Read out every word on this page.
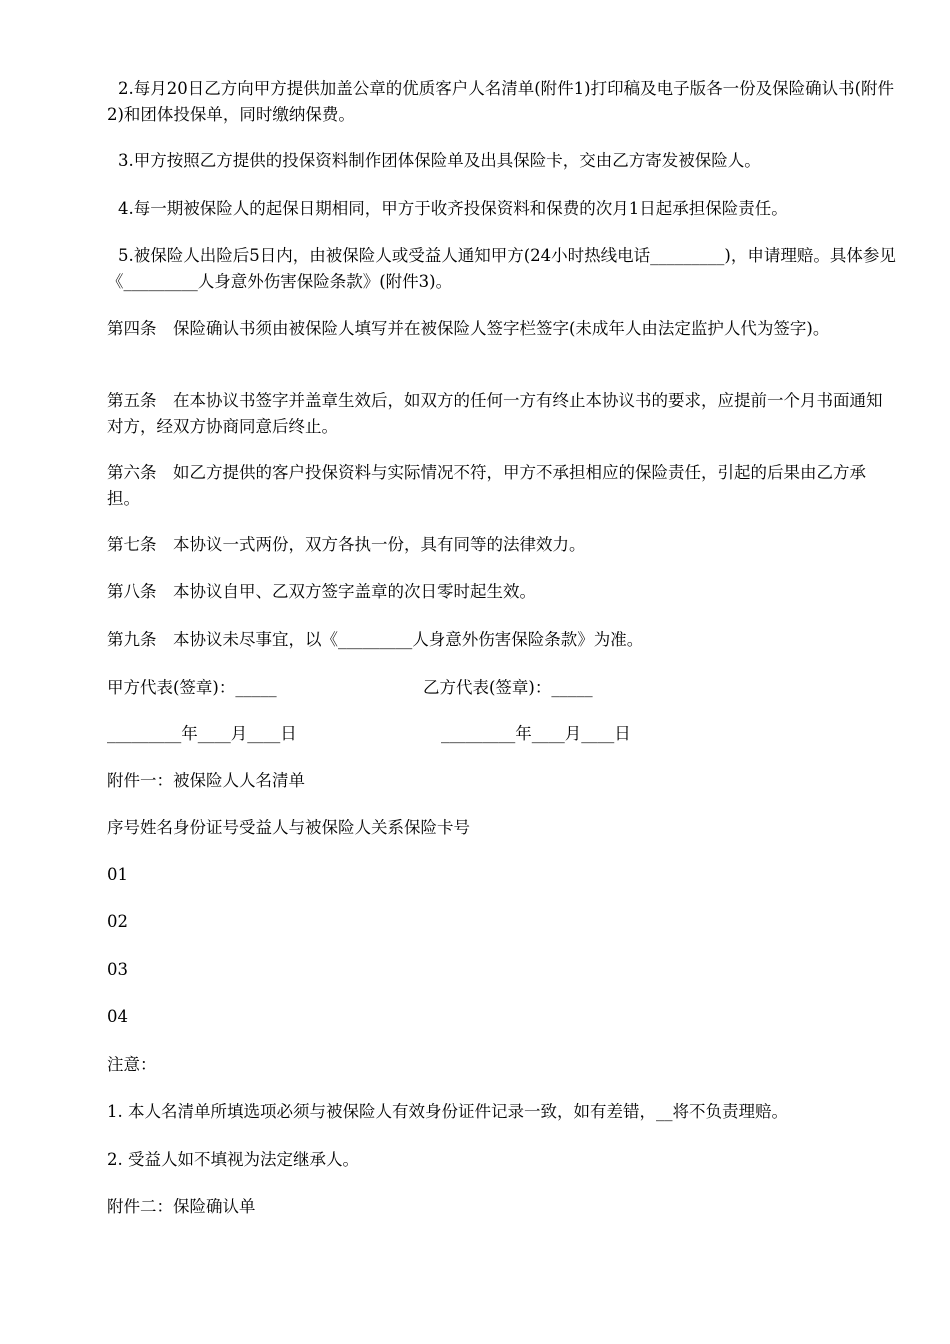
2.每月20日乙方向甲方提供加盖公章的优质客户人名清单(附件1)打印稿及电子版各一份及保险确认书(附件2)和团体投保单，同时缴纳保费。

3.甲方按照乙方提供的投保资料制作团体保险单及出具保险卡，交由乙方寄发被保险人。

4.每一期被保险人的起保日期相同，甲方于收齐投保资料和保费的次月1日起承担保险责任。

5.被保险人出险后5日内，由被保险人或受益人通知甲方(24小时热线电话_________)，申请理赔。具体参见《_________人身意外伤害保险条款》(附件3)。

第四条　保险确认书须由被保险人填写并在被保险人签字栏签字(未成年人由法定监护人代为签字)。

第五条　在本协议书签字并盖章生效后，如双方的任何一方有终止本协议书的要求，应提前一个月书面通知对方，经双方协商同意后终止。

第六条　如乙方提供的客户投保资料与实际情况不符，甲方不承担相应的保险责任，引起的后果由乙方承担。

第七条　本协议一式两份，双方各执一份，具有同等的法律效力。

第八条　本协议自甲、乙双方签字盖章的次日零时起生效。

第九条　本协议未尽事宜，以《_________人身意外伤害保险条款》为准。

甲方代表(签章)：_____	乙方代表(签章)：_____
_________年____月____日	_________年____月____日

附件一：被保险人人名清单

序号姓名身份证号受益人与被保险人关系保险卡号

01

02

03

04

注意：

1. 本人名清单所填选项必须与被保险人有效身份证件记录一致，如有差错，__将不负责理赔。

2. 受益人如不填视为法定继承人。

附件二：保险确认单
